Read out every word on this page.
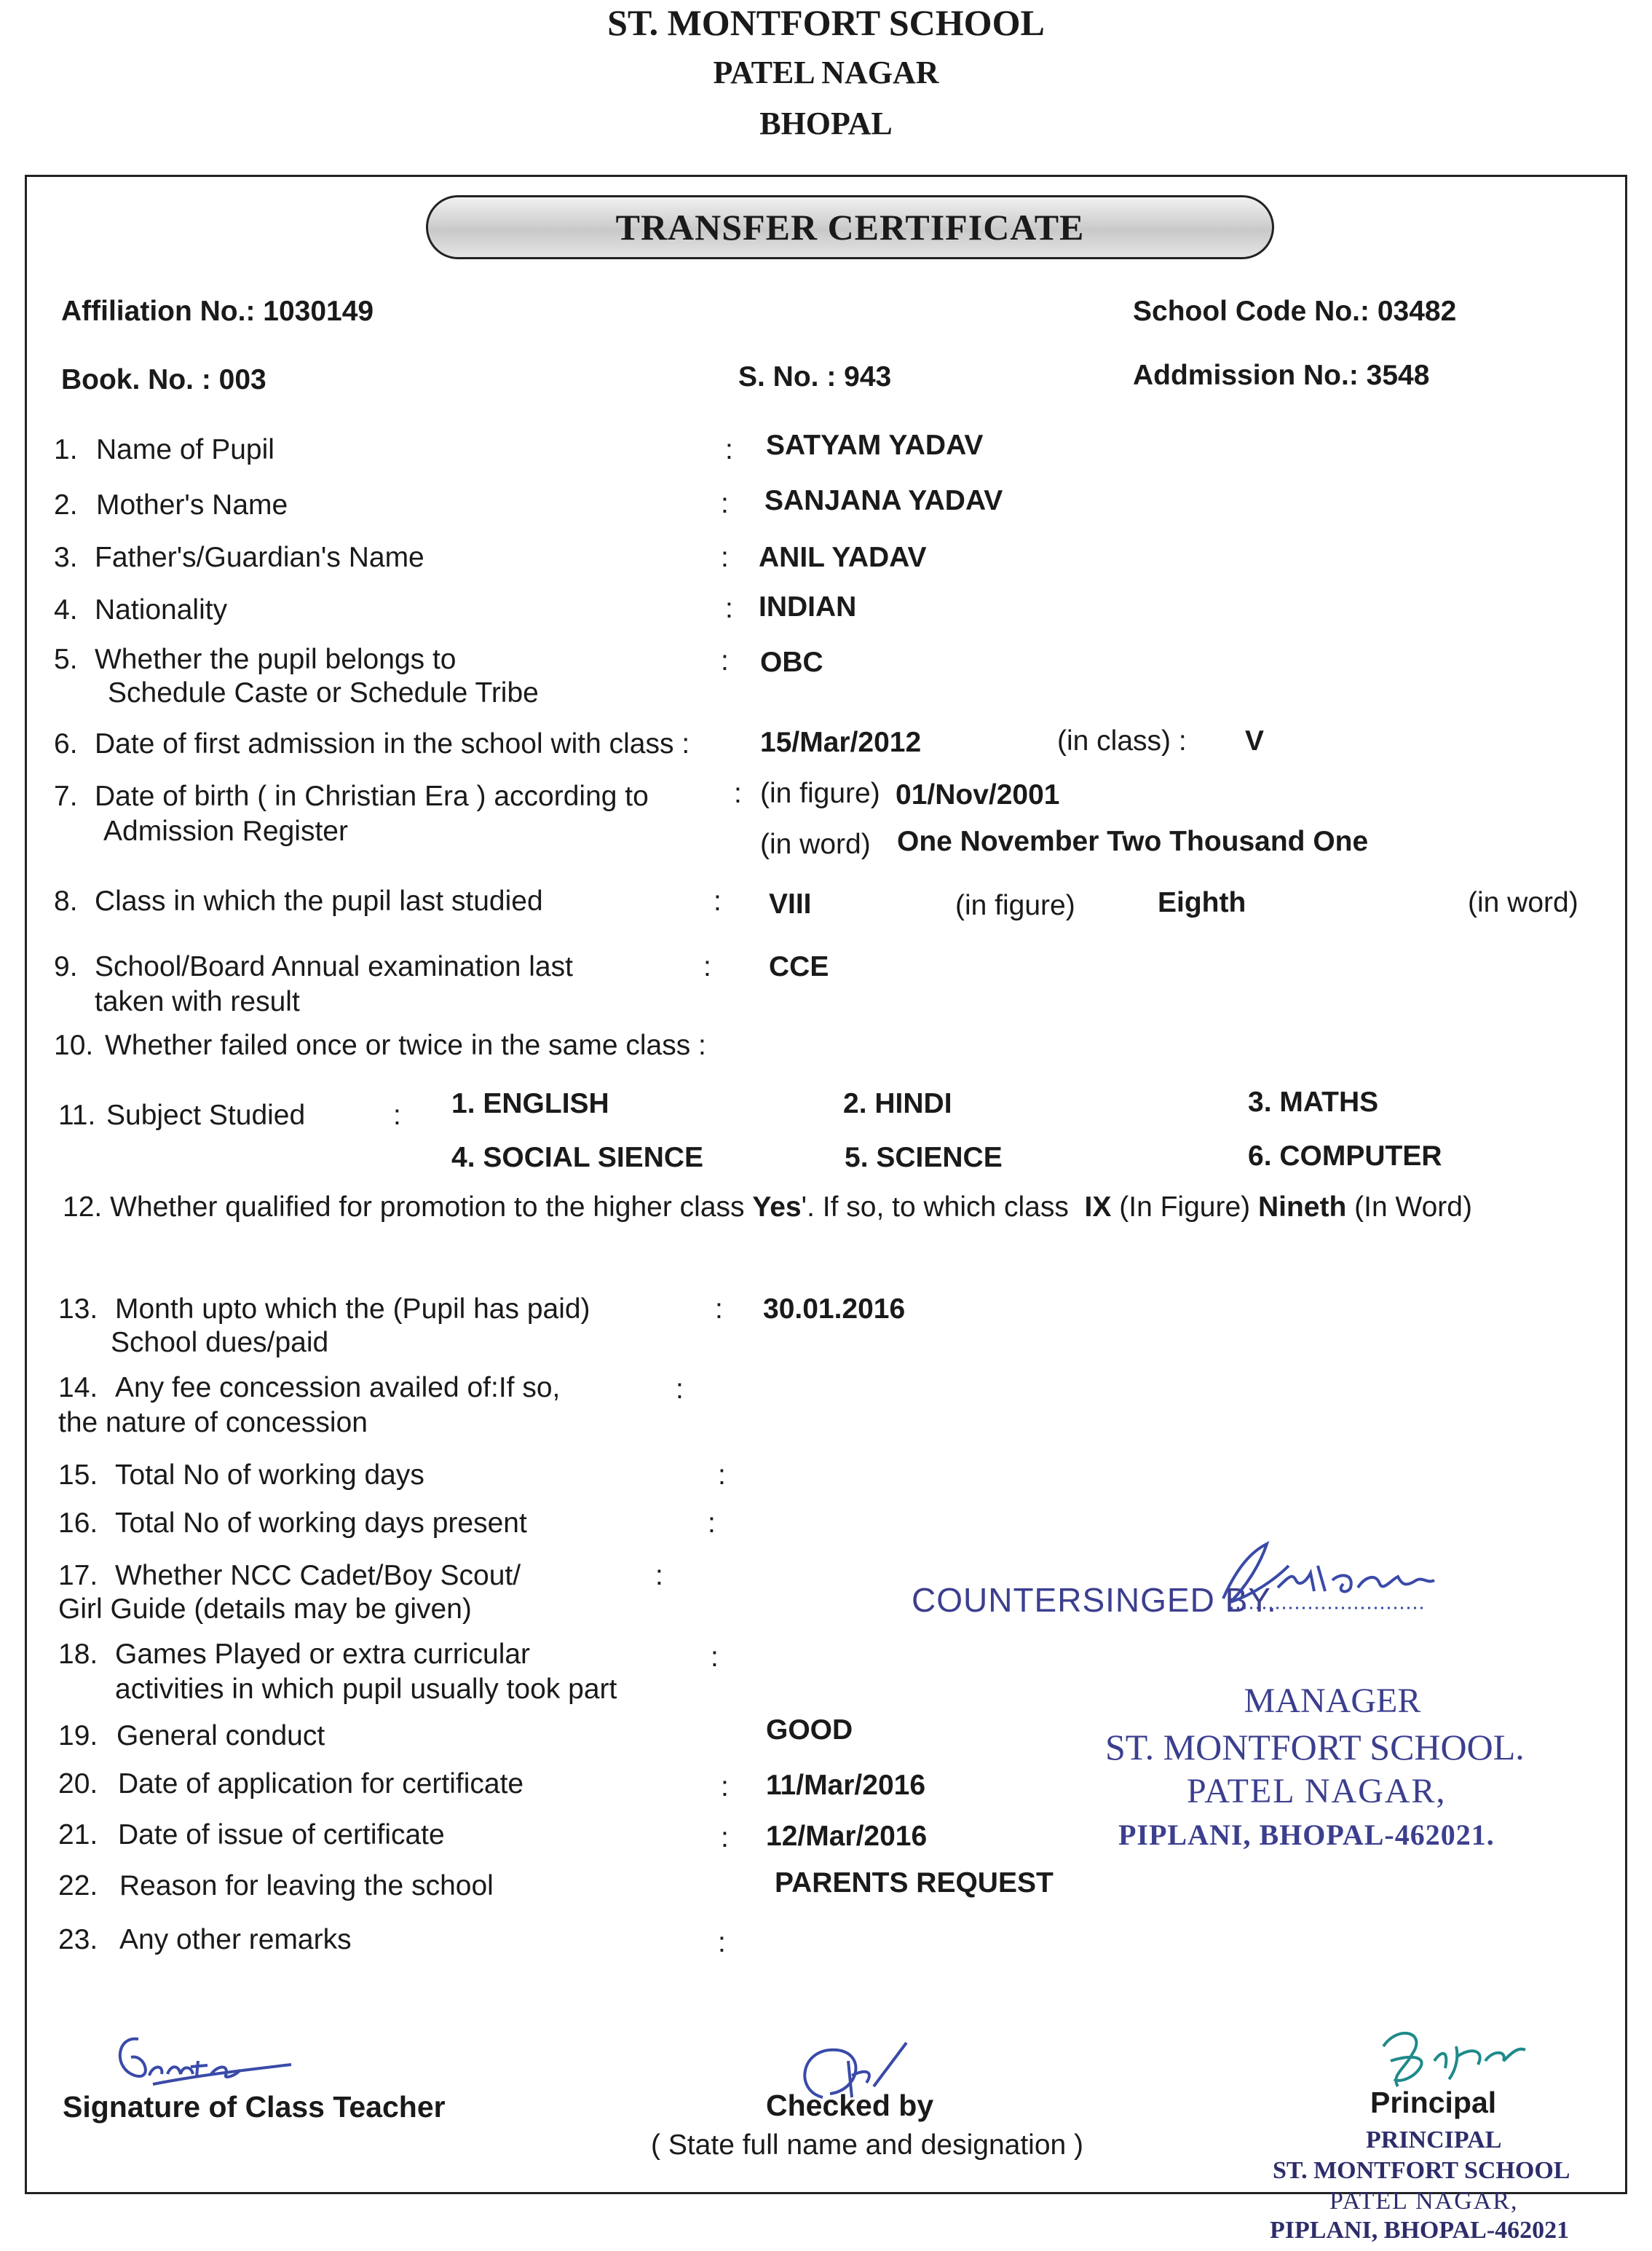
ST. MONTFORT SCHOOL
PATEL NAGAR
BHOPAL
TRANSFER CERTIFICATE
Affiliation No.: 1030149	School Code No.: 03482
Book. No. : 003	S. No. : 943	Addmission No.: 3548
1. Name of Pupil	: SATYAM YADAV
2. Mother's Name	: SANJANA YADAV
3. Father's/Guardian's Name	: ANIL YADAV
4. Nationality	: INDIAN
5. Whether the pupil belongs to
Schedule Caste or Schedule Tribe
: OBC
6. Date of first admission in the school with class : 15/Mar/2012	(in class) : V
7. Date of birth ( in Christian Era ) according to
Admission Register
: (in figure) 01/Nov/2001
(in word) One November Two Thousand One
8. Class in which the pupil last studied	: VIII	(in figure)	Eighth	(in word)
9. School/Board Annual examination last
taken with result
: CCE
10. Whether failed once or twice in the same class :
11. Subject Studied	: 1. ENGLISH	2. HINDI	3. MATHS
4. SOCIAL SIENCE	5. SCIENCE	6. COMPUTER
12. Whether qualified for promotion to the higher class Yes'. If so, to which class IX (In Figure) Nineth (In Word)
13. Month upto which the (Pupil has paid)
School dues/paid
: 30.01.2016
14. Any fee concession availed of:If so,
the nature of concession
:
15. Total No of working days	:
16. Total No of working days present	:
17. Whether NCC Cadet/Boy Scout/
Girl Guide (details may be given)
:
18. Games Played or extra curricular
activities in which pupil usually took part
:
19. General conduct	GOOD
20. Date of application for certificate	: 11/Mar/2016
21. Date of issue of certificate	: 12/Mar/2016
22. Reason for leaving the school	PARENTS REQUEST
23. Any other remarks	:
COUNTERSINGED BY.
MANAGER
ST. MONTFORT SCHOOL.
PATEL NAGAR,
PIPLANI, BHOPAL-462021.
Signature of Class Teacher	Checked by
( State full name and designation )
Principal
PRINCIPAL
ST. MONTFORT SCHOOL
PATEL NAGAR,
PIPLANI, BHOPAL-462021
